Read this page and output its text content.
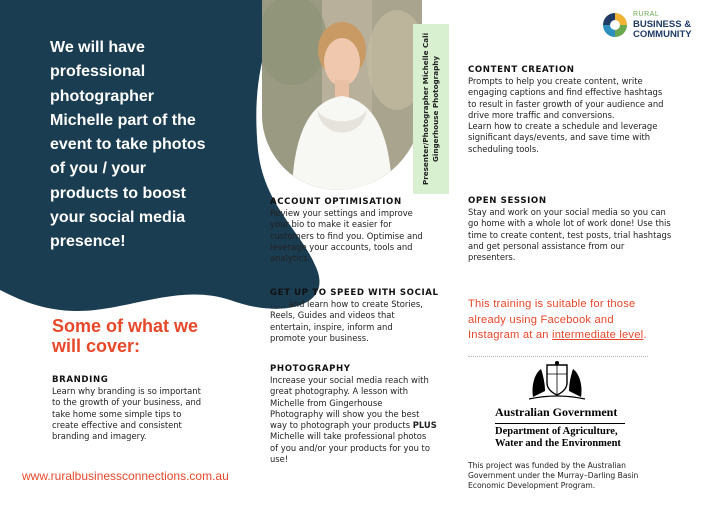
We will have
professional
photographer
Michelle part of the
event to take photos
of you / your
products to boost
your social media
presence!
Presenter/Photographer Michelle Cali Gingerhouse Photography
RURAL
BUSINESS &
COMMUNITY
Some of what we
will cover:
BRANDING

Learn why branding is so important
to the growth of your business, and
take home some simple tips to
create effective and consistent
branding and imagery.

ACCOUNT OPTIMISATION

Review your settings and improve
your bio to make it easier for
customers to find you. Optimise and
leverage your accounts, tools and
analytics.

GET UP TO SPEED WITH SOCIAL

...... and learn how to create Stories,
Reels, Guides and videos that
entertain, inspire, inform and
promote your business.

PHOTOGRAPHY

Increase your social media reach with
great photography. A lesson with
Michelle from Gingerhouse
Photography will show you the best
way to photograph your products PLUS
Michelle will take professional photos
of you and/or your products for you to
use!

CONTENT CREATION

Prompts to help you create content, write
engaging captions and find effective hashtags
to result in faster growth of your audience and
drive more traffic and conversions.
Learn how to create a schedule and leverage
significant days/events, and save time with
scheduling tools.

OPEN SESSION

Stay and work on your social media so you can
go home with a whole lot of work done! Use this
time to create content, test posts, trial hashtags
and get personal assistance from our
presenters.

This training is suitable for those
already using Facebook and
Instagram at an intermediate level.
Australian Government
Department of Agriculture,
Water and the Environment
This project was funded by the Australian
Government under the Murray–Darling Basin
Economic Development Program.
www.ruralbusinessconnections.com.au
